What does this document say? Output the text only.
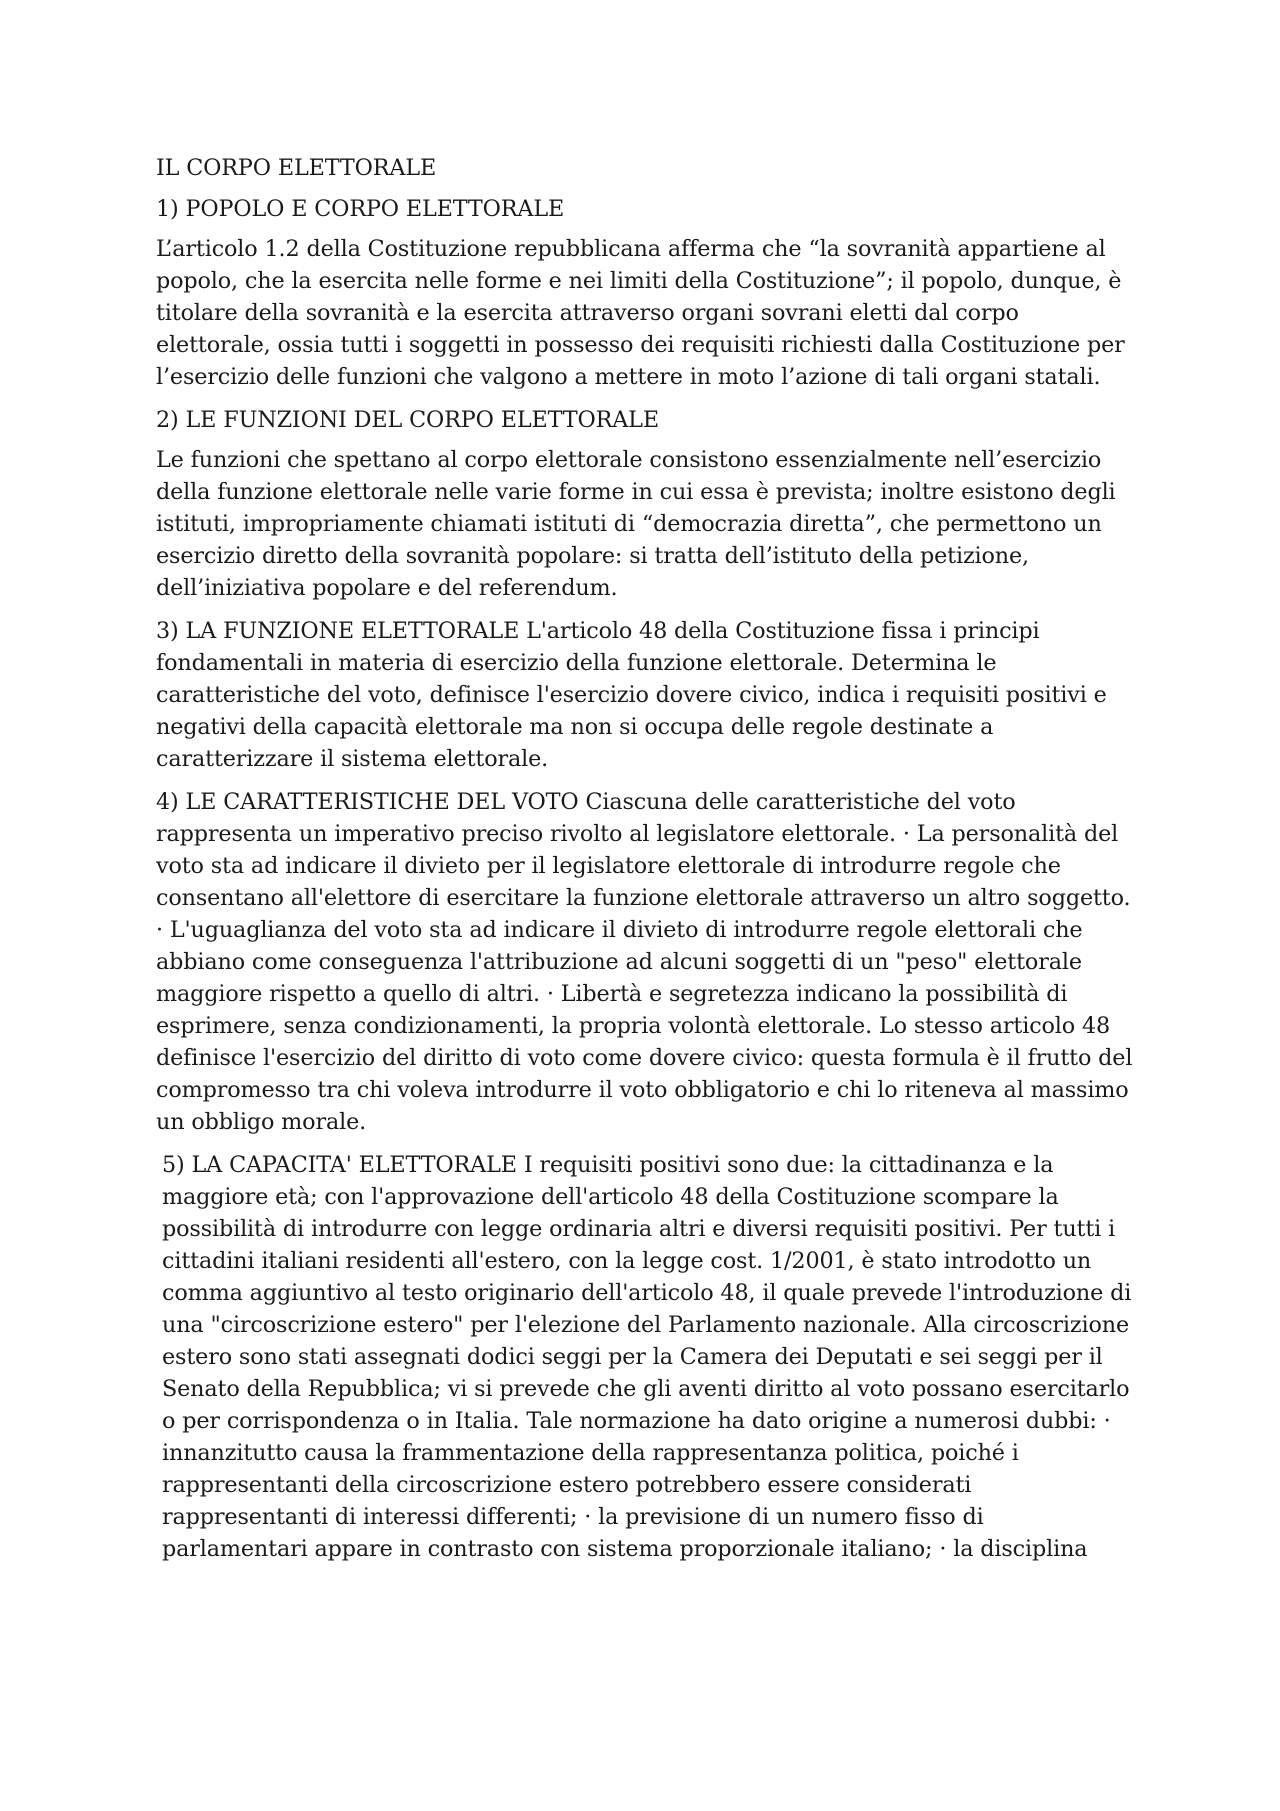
IL CORPO ELETTORALE

1) POPOLO E CORPO ELETTORALE

L’articolo 1.2 della Costituzione repubblicana afferma che “la sovranità appartiene al popolo, che la esercita nelle forme e nei limiti della Costituzione”; il popolo, dunque, è titolare della sovranità e la esercita attraverso organi sovrani eletti dal corpo elettorale, ossia tutti i soggetti in possesso dei requisiti richiesti dalla Costituzione per l’esercizio delle funzioni che valgono a mettere in moto l’azione di tali organi statali.

2) LE FUNZIONI DEL CORPO ELETTORALE

Le funzioni che spettano al corpo elettorale consistono essenzialmente nell’esercizio della funzione elettorale nelle varie forme in cui essa è prevista; inoltre esistono degli istituti, impropriamente chiamati istituti di “democrazia diretta”, che permettono un esercizio diretto della sovranità popolare: si tratta dell’istituto della petizione, dell’iniziativa popolare e del referendum.

3) LA FUNZIONE ELETTORALE L'articolo 48 della Costituzione fissa i principi fondamentali in materia di esercizio della funzione elettorale. Determina le caratteristiche del voto, definisce l'esercizio dovere civico, indica i requisiti positivi e negativi della capacità elettorale ma non si occupa delle regole destinate a caratterizzare il sistema elettorale.

4) LE CARATTERISTICHE DEL VOTO Ciascuna delle caratteristiche del voto rappresenta un imperativo preciso rivolto al legislatore elettorale. · La personalità del voto sta ad indicare il divieto per il legislatore elettorale di introdurre regole che consentano all'elettore di esercitare la funzione elettorale attraverso un altro soggetto. · L'uguaglianza del voto sta ad indicare il divieto di introdurre regole elettorali che abbiano come conseguenza l'attribuzione ad alcuni soggetti di un "peso" elettorale maggiore rispetto a quello di altri. · Libertà e segretezza indicano la possibilità di esprimere, senza condizionamenti, la propria volontà elettorale. Lo stesso articolo 48 definisce l'esercizio del diritto di voto come dovere civico: questa formula è il frutto del compromesso tra chi voleva introdurre il voto obbligatorio e chi lo riteneva al massimo un obbligo morale.

5) LA CAPACITA' ELETTORALE I requisiti positivi sono due: la cittadinanza e la maggiore età; con l'approvazione dell'articolo 48 della Costituzione scompare la possibilità di introdurre con legge ordinaria altri e diversi requisiti positivi. Per tutti i cittadini italiani residenti all'estero, con la legge cost. 1/2001, è stato introdotto un comma aggiuntivo al testo originario dell'articolo 48, il quale prevede l'introduzione di una "circoscrizione estero" per l'elezione del Parlamento nazionale. Alla circoscrizione estero sono stati assegnati dodici seggi per la Camera dei Deputati e sei seggi per il Senato della Repubblica; vi si prevede che gli aventi diritto al voto possano esercitarlo o per corrispondenza o in Italia. Tale normazione ha dato origine a numerosi dubbi: · innanzitutto causa la frammentazione della rappresentanza politica, poiché i rappresentanti della circoscrizione estero potrebbero essere considerati rappresentanti di interessi differenti; · la previsione di un numero fisso di parlamentari appare in contrasto con sistema proporzionale italiano; · la disciplina
